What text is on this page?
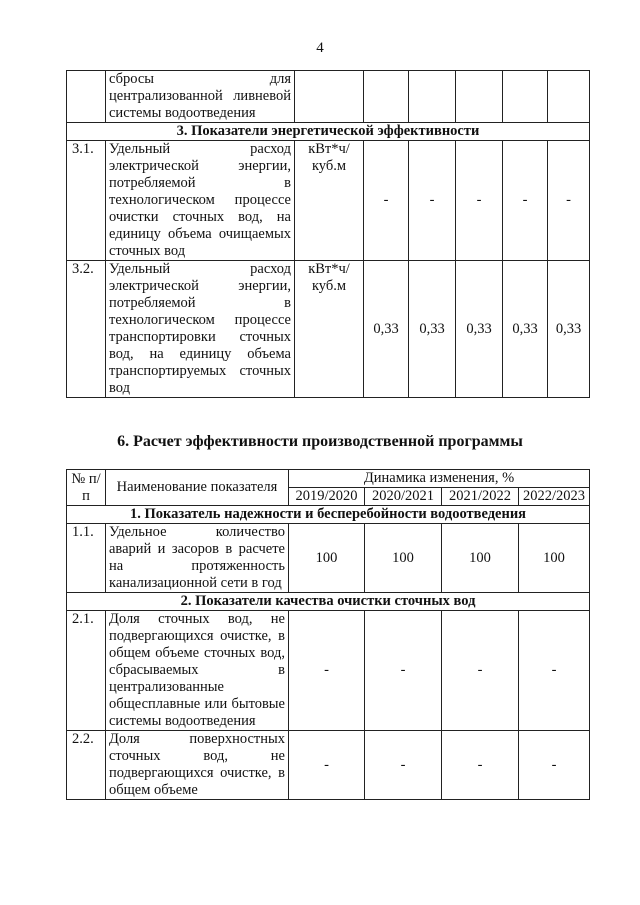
4
	сбросы для централизованной ливневой системы водоотведения						
3. Показатели энергетической эффективности							
3.1.	Удельный расход электрической энергии, потребляемой в технологическом процессе очистки сточных вод, на единицу объема очищаемых сточных вод	кВт*ч/куб.м	-	-	-	-	-
3.2.	Удельный расход электрической энергии, потребляемой в технологическом процессе транспортировки сточных вод, на единицу объема транспортируемых сточных вод	кВт*ч/куб.м	0,33	0,33	0,33	0,33	0,33
6. Расчет эффективности производственной программы
№ п/п	Наименование показателя	Динамика изменения, %			
		2019/2020	2020/2021	2021/2022	2022/2023
1. Показатель надежности и бесперебойности водоотведения					
1.1.	Удельное количество аварий и засоров в расчете на протяженность канализационной сети в год	100	100	100	100
2. Показатели качества очистки сточных вод					
2.1.	Доля сточных вод, не подвергающихся очистке, в общем объеме сточных вод, сбрасываемых в централизованные общесплавные или бытовые системы водоотведения	-	-	-	-
2.2.	Доля поверхностных сточных вод, не подвергающихся очистке, в общем объеме	-	-	-	-
